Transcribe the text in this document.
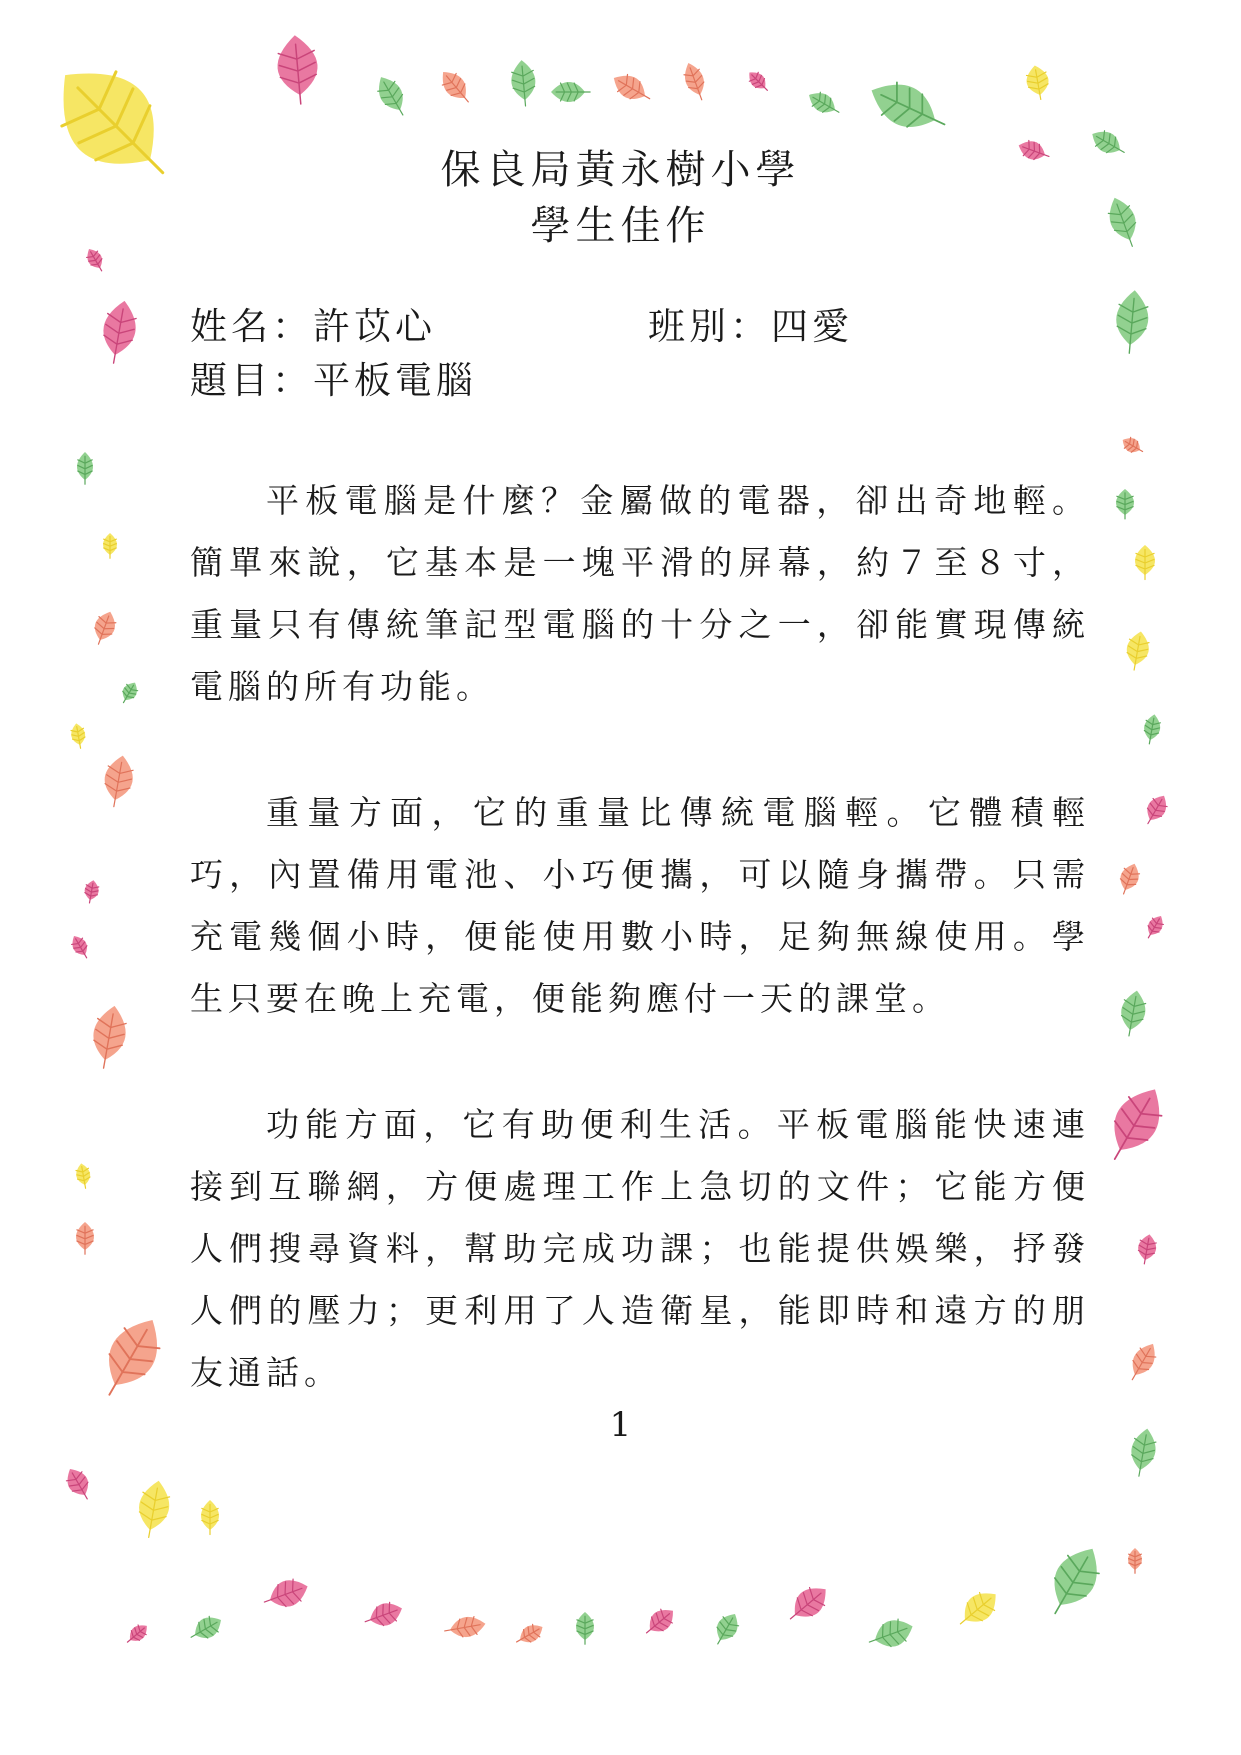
保良局黃永樹小學
學生佳作
姓名：許苡心	班別：四愛
題目：平板電腦

平板電腦是什麼？金屬做的電器，卻出奇地輕。簡單來說，它基本是一塊平滑的屏幕，約７至８寸，重量只有傳統筆記型電腦的十分之一，卻能實現傳統電腦的所有功能。

重量方面，它的重量比傳統電腦輕。它體積輕巧，內置備用電池、小巧便攜，可以隨身攜帶。只需充電幾個小時，便能使用數小時，足夠無線使用。學生只要在晚上充電，便能夠應付一天的課堂。

功能方面，它有助便利生活。平板電腦能快速連接到互聯網，方便處理工作上急切的文件；它能方便人們搜尋資料，幫助完成功課；也能提供娛樂，抒發人們的壓力；更利用了人造衛星，能即時和遠方的朋友通話。

1
